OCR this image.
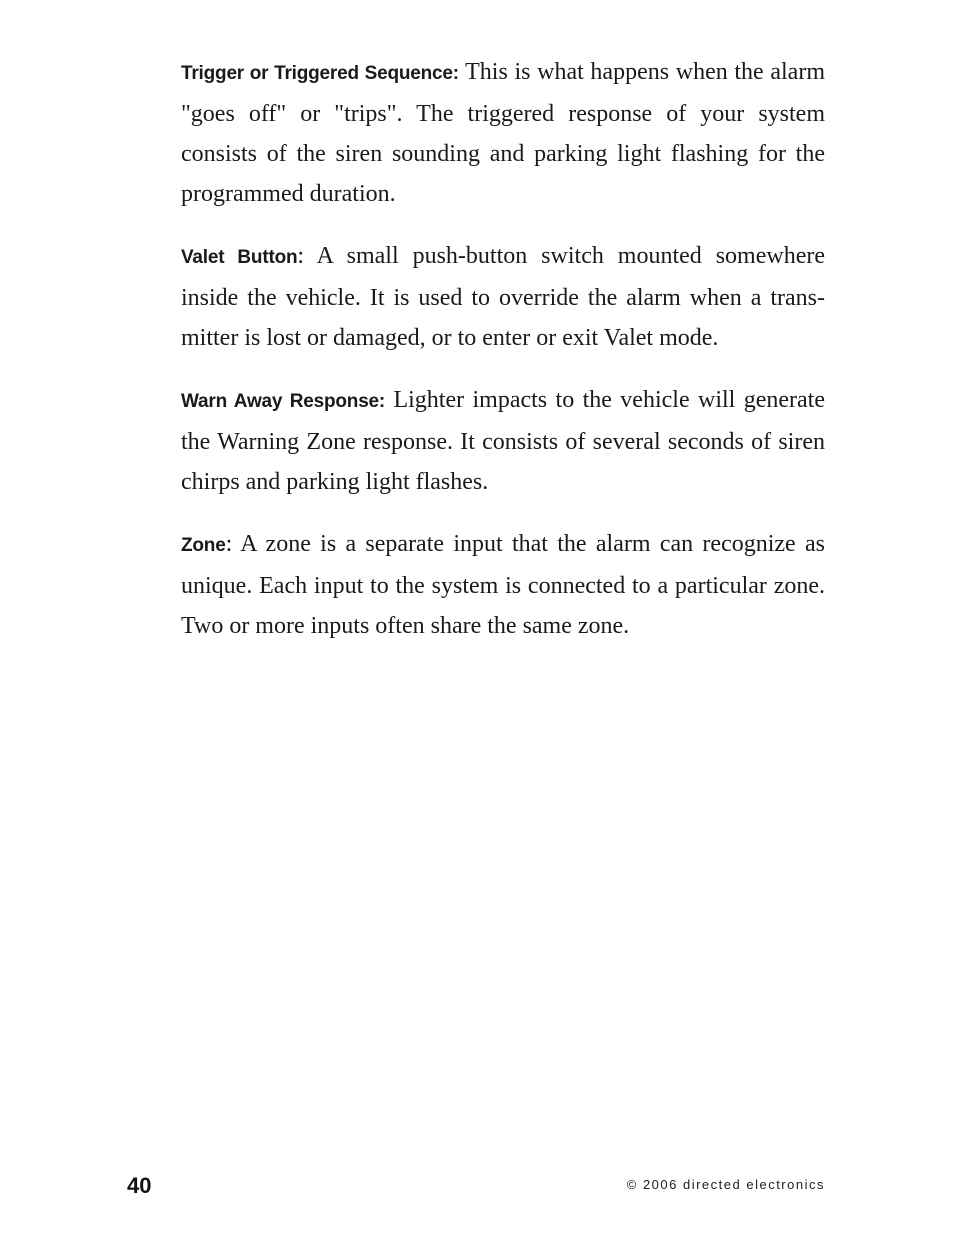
Trigger or Triggered Sequence: This is what happens when the alarm "goes off" or "trips". The triggered response of your system consists of the siren sounding and parking light flashing for the programmed duration.

Valet Button: A small push-button switch mounted somewhere inside the vehicle. It is used to override the alarm when a transmitter is lost or damaged, or to enter or exit Valet mode.

Warn Away Response: Lighter impacts to the vehicle will generate the Warning Zone response. It consists of several seconds of siren chirps and parking light flashes.

Zone: A zone is a separate input that the alarm can recognize as unique. Each input to the system is connected to a particular zone. Two or more inputs often share the same zone.

40	© 2006 directed electronics
